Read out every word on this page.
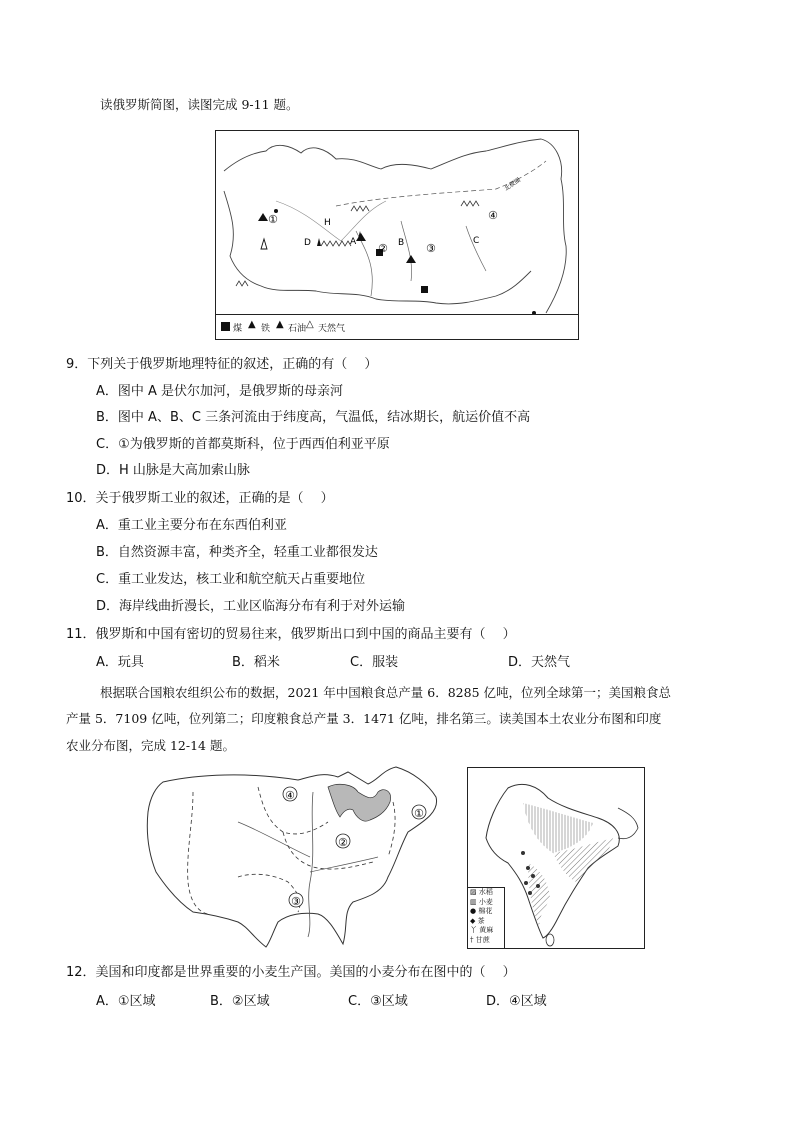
读俄罗斯简图，读图完成 9-11 题。
①
②	③
④
A	B	C
D
H
北极圈
煤 ▲ 铁 ▲ 石油 △ 天然气
9．下列关于俄罗斯地理特征的叙述，正确的有（　 ）
A．图中 A 是伏尔加河，是俄罗斯的母亲河
B．图中 A、B、C 三条河流由于纬度高，气温低，结冰期长，航运价值不高
C．①为俄罗斯的首都莫斯科，位于西西伯利亚平原
D．H 山脉是大高加索山脉
10．关于俄罗斯工业的叙述，正确的是（　 ）
A．重工业主要分布在东西伯利亚
B．自然资源丰富，种类齐全，轻重工业都很发达
C．重工业发达，核工业和航空航天占重要地位
D．海岸线曲折漫长，工业区临海分布有利于对外运输
11．俄罗斯和中国有密切的贸易往来，俄罗斯出口到中国的商品主要有（　 ）
A．玩具	B．稻米	C．服装	D．天然气
根据联合国粮农组织公布的数据，2021 年中国粮食总产量 6．8285 亿吨，位列全球第一；美国粮食总
产量 5．7109 亿吨，位列第二；印度粮食总产量 3．1471 亿吨，排名第三。读美国本土农业分布图和印度
农业分布图，完成 12-14 题。
④
①
②
③
▨ 水稻
▥ 小麦
● 棉花
◆ 茶
丫 黄麻
† 甘蔗
12．美国和印度都是世界重要的小麦生产国。美国的小麦分布在图中的（　 ）
A．①区域	B．②区域	C．③区域	D．④区域
